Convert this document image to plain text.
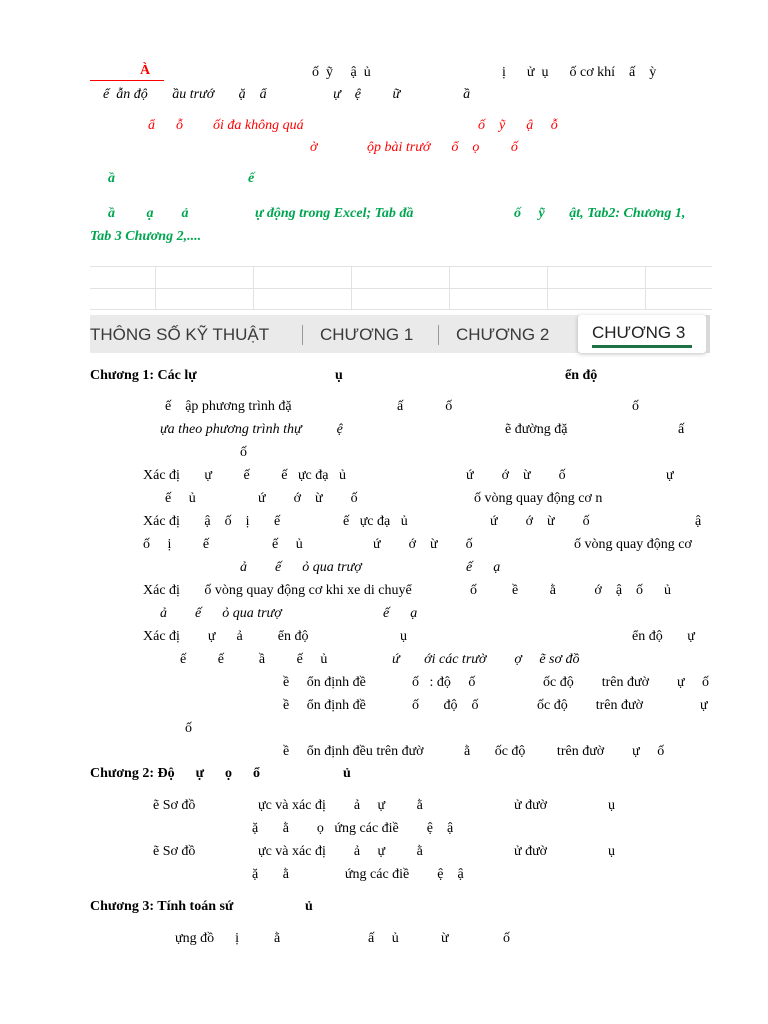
À	ố  ỹ     ậ  ủ	ị      ử  ụ      ố cơ khí    ấ    ỳ
ể  ẫn độ       ầu trướ       ặ    ẩ                   ự    ệ         ữ                  ầ
ẩ      ỗ ối đa không quá	ố    ỹ      ậ     ỗ
ờ	ộp bài trướ      ổ    ọ         ố
ầ	ế
ầ         ạ        ả	ự động trong Excel; Tab đầ	ố     ỹ       ật, Tab2: Chương 1,
Tab 3 Chương 2,....
THÔNG SỐ KỸ THUẬT	CHƯƠNG 1	CHƯƠNG 2	CHƯƠNG 3
Chương 1: Các lự	ụ	ển độ
ế    ập phương trình đặ	ấ            ố	ố
ựa theo phương trình thự          ệ	ẽ đường đặ	ấ
ố
Xác đị       ự         ế         ế   ực đạ   ủ	ứ        ớ    ừ        ố	ự
ế     ủ	ứ        ớ    ừ        ố	ố vòng quay động cơ n
Xác đị       ậ    ố    ị       ế	ế   ực đạ   ủ	ứ        ớ    ừ        ố	ậ
ố     ị         ế	ế     ủ	ứ        ớ    ừ        ố	ố vòng quay động cơ
ả        ế      ỏ qua trượ	ế      ạ
Xác đị       ố vòng quay động cơ khi xe di chuyể	ố          ề         ằ           ớ    ậ    ố      ủ
ả        ế      ỏ qua trượ	ế      ạ
Xác đị        ự      ả          ển độ	ụ	ển độ       ự
ế         ế          ầ         ế     ủ	ứ       ới các trườ        ợ     ẽ sơ đồ
ề     ổn định đề	ố   : độ     ố	ốc độ        trên đườ        ự     ố
ề     ổn định đề	ố       độ    ố	ốc độ        trên đườ	ự
ố
ề     ổn định đều trên đườ	ằ       ốc độ         trên đườ        ự     ố
Chương 2: Độ      ự      ọ      ổ	ủ
ẽ Sơ đồ	ực và xác đị        ả     ự         ằ	ử đườ	ụ
ặ       ằ        ọ   ứng các điề        ệ    ậ
ẽ Sơ đồ	ực và xác đị        ả     ự         ằ	ử đườ	ụ
ặ       ằ                ứng các điề        ệ    ậ
Chương 3: Tính toán sứ	ủ
ựng đồ      ị          ằ	ấ     ủ	ừ	ố
